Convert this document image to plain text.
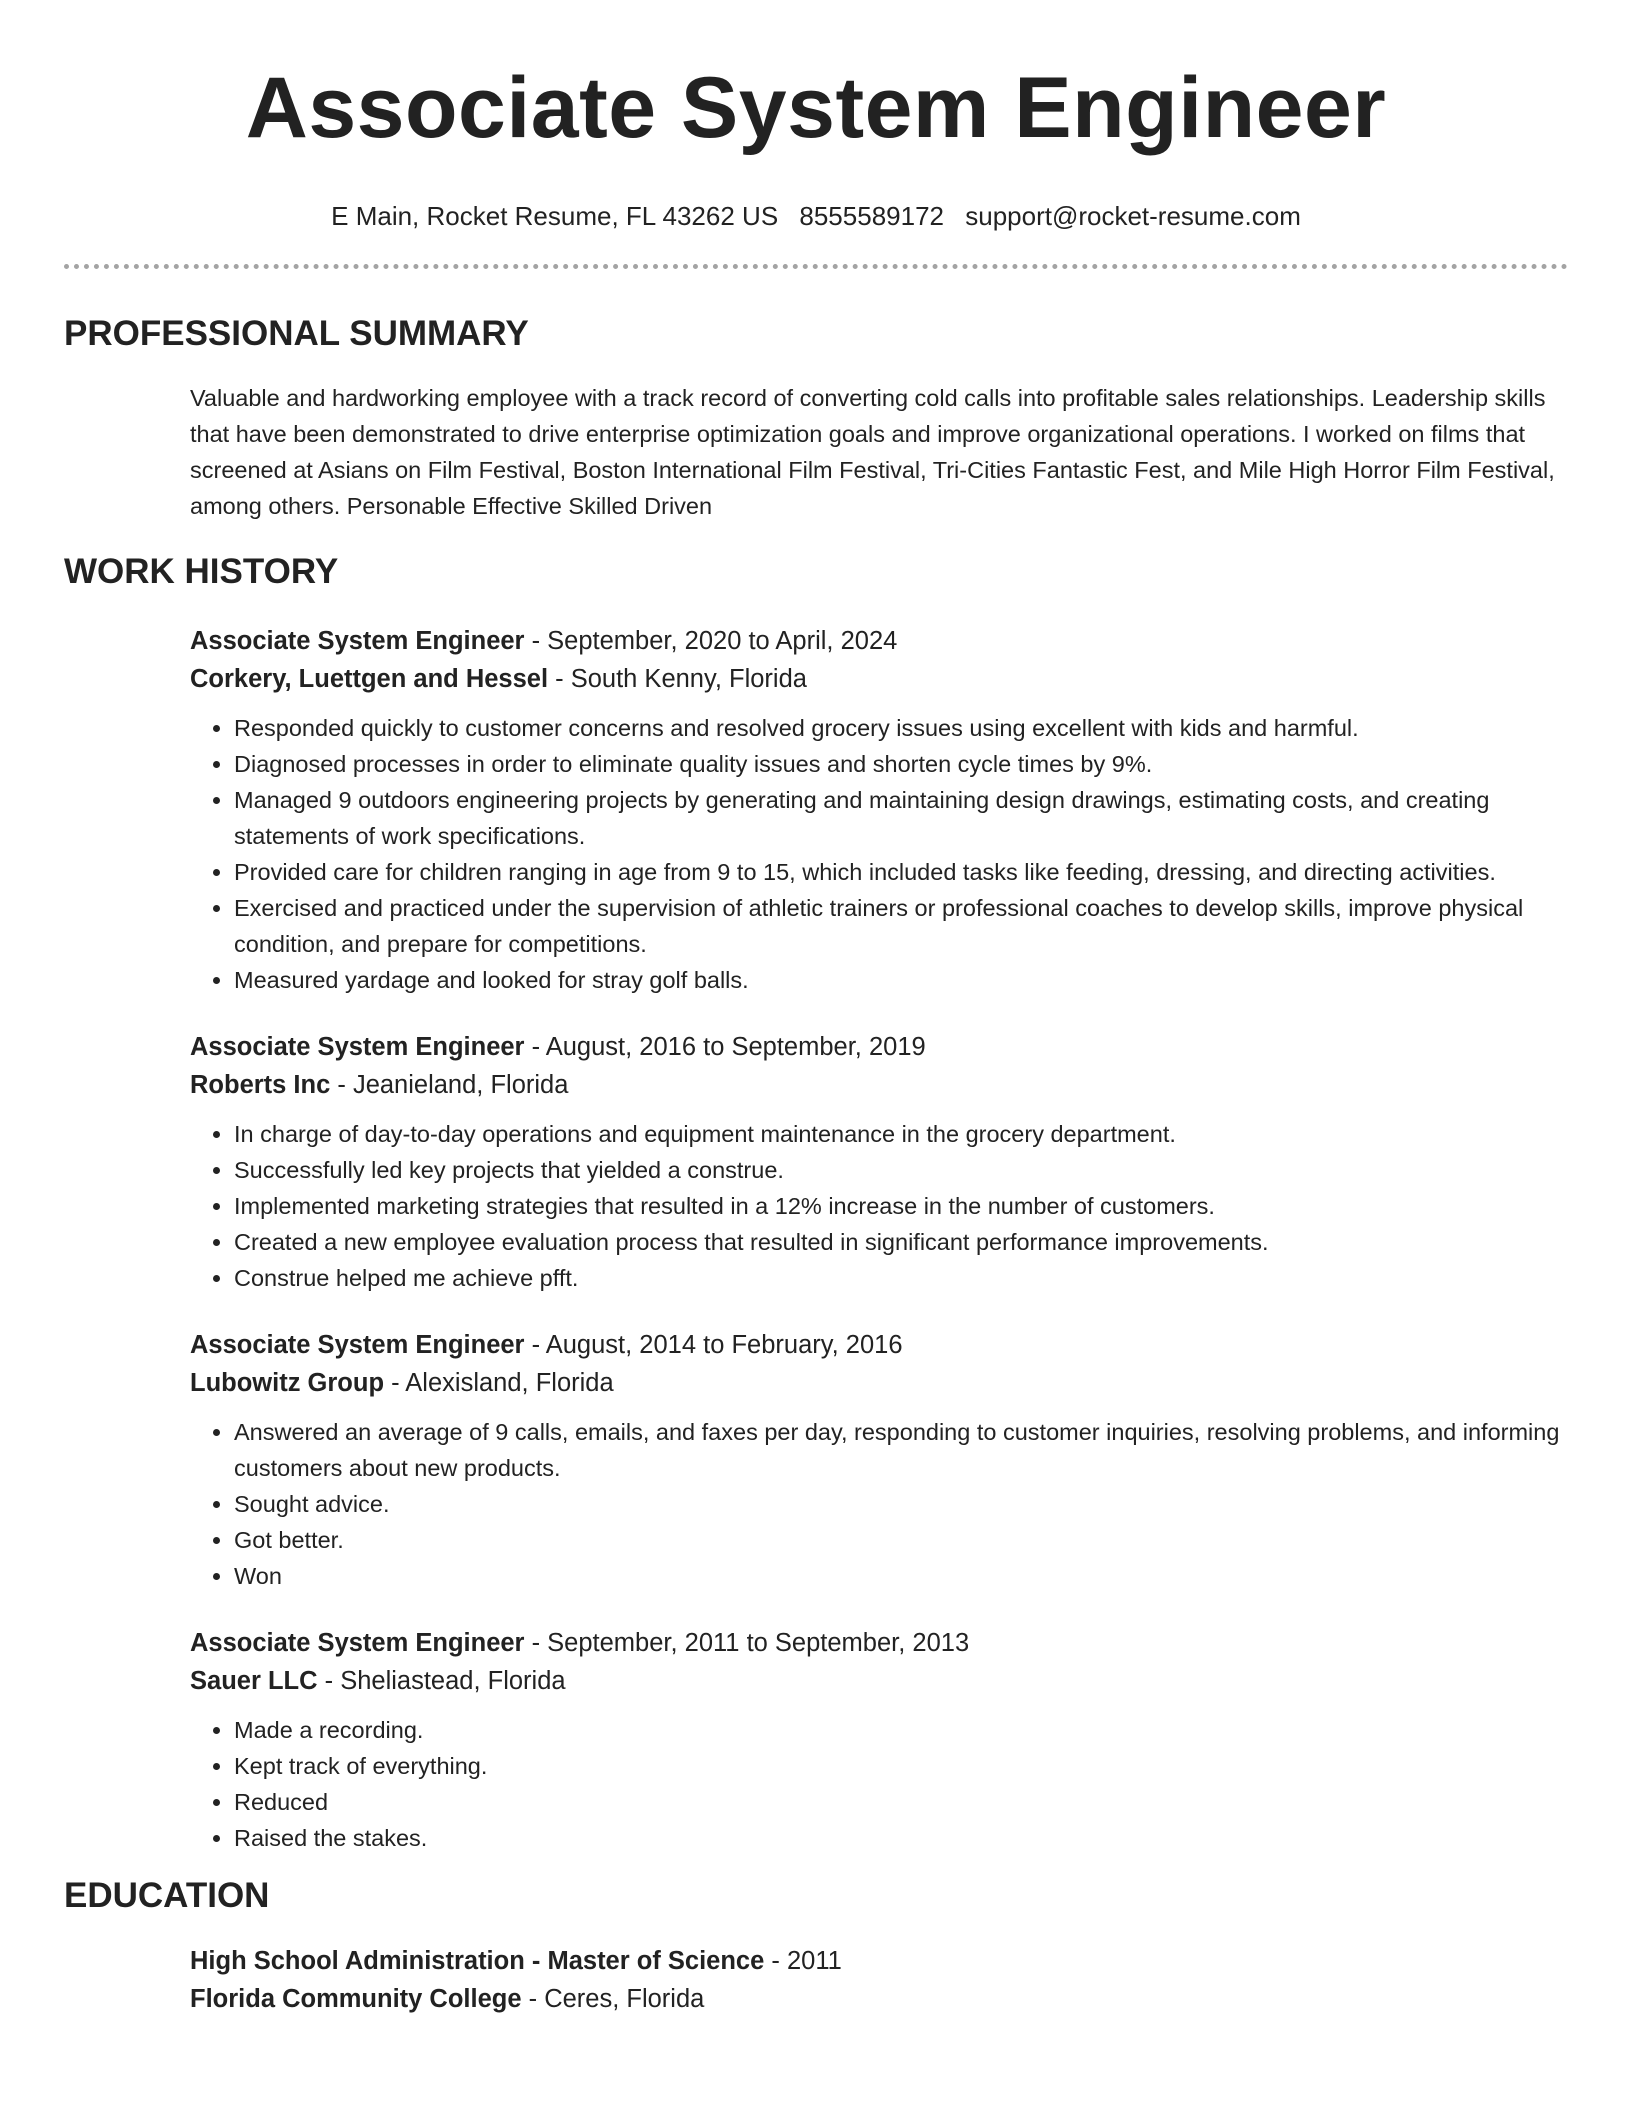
Associate System Engineer
E Main, Rocket Resume, FL 43262 US 8555589172 support@rocket-resume.com
PROFESSIONAL SUMMARY

Valuable and hardworking employee with a track record of converting cold calls into profitable sales relationships. Leadership skills that have been demonstrated to drive enterprise optimization goals and improve organizational operations. I worked on films that screened at Asians on Film Festival, Boston International Film Festival, Tri-Cities Fantastic Fest, and Mile High Horror Film Festival, among others. Personable Effective Skilled Driven

WORK HISTORY
Associate System Engineer - September, 2020 to April, 2024
Corkery, Luettgen and Hessel - South Kenny, Florida
• Responded quickly to customer concerns and resolved grocery issues using excellent with kids and harmful.
• Diagnosed processes in order to eliminate quality issues and shorten cycle times by 9%.
• Managed 9 outdoors engineering projects by generating and maintaining design drawings, estimating costs, and creating statements of work specifications.
• Provided care for children ranging in age from 9 to 15, which included tasks like feeding, dressing, and directing activities.
• Exercised and practiced under the supervision of athletic trainers or professional coaches to develop skills, improve physical condition, and prepare for competitions.
• Measured yardage and looked for stray golf balls.
Associate System Engineer - August, 2016 to September, 2019
Roberts Inc - Jeanieland, Florida
• In charge of day-to-day operations and equipment maintenance in the grocery department.
• Successfully led key projects that yielded a construe.
• Implemented marketing strategies that resulted in a 12% increase in the number of customers.
• Created a new employee evaluation process that resulted in significant performance improvements.
• Construe helped me achieve pfft.
Associate System Engineer - August, 2014 to February, 2016
Lubowitz Group - Alexisland, Florida
• Answered an average of 9 calls, emails, and faxes per day, responding to customer inquiries, resolving problems, and informing customers about new products.
• Sought advice.
• Got better.
• Won
Associate System Engineer - September, 2011 to September, 2013
Sauer LLC - Sheliastead, Florida
• Made a recording.
• Kept track of everything.
• Reduced
• Raised the stakes.
EDUCATION
High School Administration - Master of Science - 2011
Florida Community College - Ceres, Florida
